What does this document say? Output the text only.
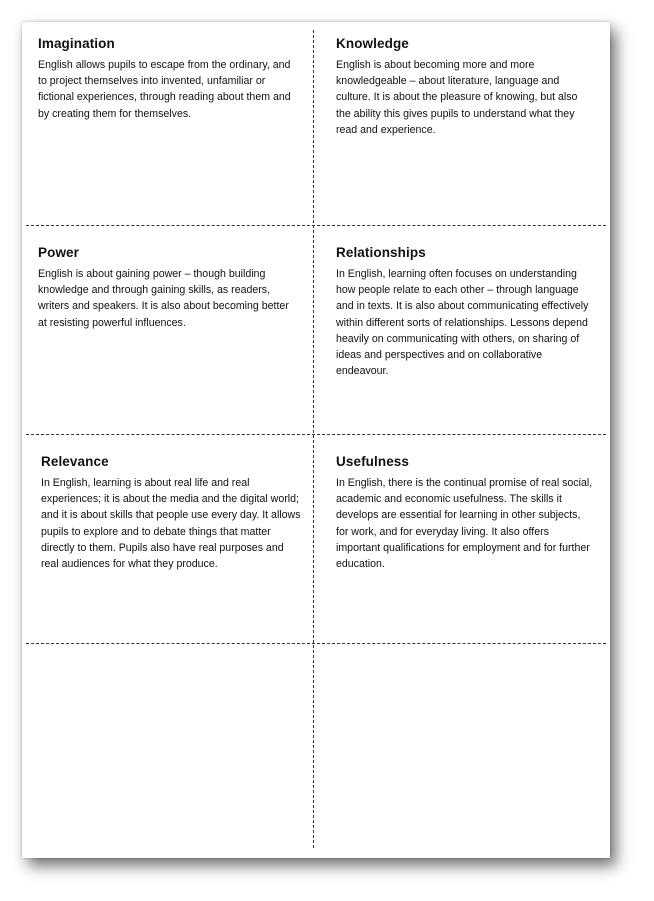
Imagination

English allows pupils to escape from the ordinary, and to project themselves into invented, unfamiliar or fictional experiences, through reading about them and by creating them for themselves.

Knowledge

English is about becoming more and more knowledgeable – about literature, language and culture. It is about the pleasure of knowing, but also the ability this gives pupils to understand what they read and experience.

Power

English is about gaining power – though building knowledge and through gaining skills, as readers, writers and speakers. It is also about becoming better at resisting powerful influences.

Relationships

In English, learning often focuses on understanding how people relate to each other – through language and in texts. It is also about communicating effectively within different sorts of relationships. Lessons depend heavily on communicating with others, on sharing of ideas and perspectives and on collaborative endeavour.

Relevance

In English, learning is about real life and real experiences; it is about the media and the digital world; and it is about skills that people use every day. It allows pupils to explore and to debate things that matter directly to them. Pupils also have real purposes and real audiences for what they produce.

Usefulness

In English, there is the continual promise of real social, academic and economic usefulness. The skills it develops are essential for learning in other subjects, for work, and for everyday living. It also offers important qualifications for employment and for further education.
